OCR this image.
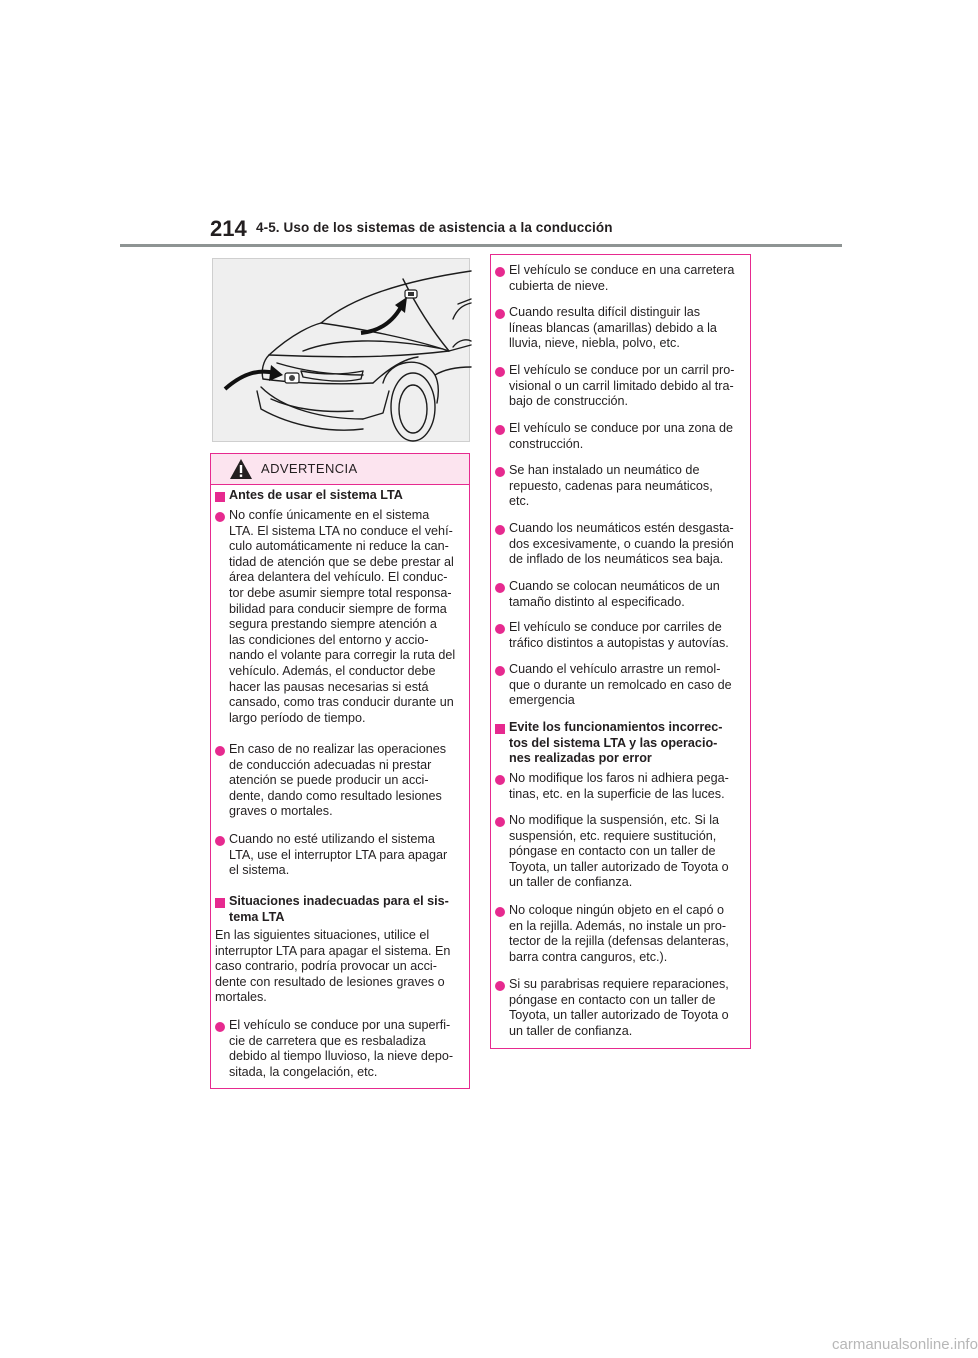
214 4-5. Uso de los sistemas de asistencia a la conducción
ADVERTENCIA
Antes de usar el sistema LTA
No confíe únicamente en el sistema
LTA. El sistema LTA no conduce el vehí-
culo automáticamente ni reduce la can-
tidad de atención que se debe prestar al
área delantera del vehículo. El conduc-
tor debe asumir siempre total responsa-
bilidad para conducir siempre de forma
segura prestando siempre atención a
las condiciones del entorno y accio-
nando el volante para corregir la ruta del
vehículo. Además, el conductor debe
hacer las pausas necesarias si está
cansado, como tras conducir durante un
largo período de tiempo.
En caso de no realizar las operaciones
de conducción adecuadas ni prestar
atención se puede producir un acci-
dente, dando como resultado lesiones
graves o mortales.
Cuando no esté utilizando el sistema
LTA, use el interruptor LTA para apagar
el sistema.
Situaciones inadecuadas para el sis-
tema LTA
En las siguientes situaciones, utilice el
interruptor LTA para apagar el sistema. En
caso contrario, podría provocar un acci-
dente con resultado de lesiones graves o
mortales.
El vehículo se conduce por una superfi-
cie de carretera que es resbaladiza
debido al tiempo lluvioso, la nieve depo-
sitada, la congelación, etc.
El vehículo se conduce en una carretera
cubierta de nieve.
Cuando resulta difícil distinguir las
líneas blancas (amarillas) debido a la
lluvia, nieve, niebla, polvo, etc.
El vehículo se conduce por un carril pro-
visional o un carril limitado debido al tra-
bajo de construcción.
El vehículo se conduce por una zona de
construcción.
Se han instalado un neumático de
repuesto, cadenas para neumáticos,
etc.
Cuando los neumáticos estén desgasta-
dos excesivamente, o cuando la presión
de inflado de los neumáticos sea baja.
Cuando se colocan neumáticos de un
tamaño distinto al especificado.
El vehículo se conduce por carriles de
tráfico distintos a autopistas y autovías.
Cuando el vehículo arrastre un remol-
que o durante un remolcado en caso de
emergencia
Evite los funcionamientos incorrec-
tos del sistema LTA y las operacio-
nes realizadas por error
No modifique los faros ni adhiera pega-
tinas, etc. en la superficie de las luces.
No modifique la suspensión, etc. Si la
suspensión, etc. requiere sustitución,
póngase en contacto con un taller de
Toyota, un taller autorizado de Toyota o
un taller de confianza.
No coloque ningún objeto en el capó o
en la rejilla. Además, no instale un pro-
tector de la rejilla (defensas delanteras,
barra contra canguros, etc.).
Si su parabrisas requiere reparaciones,
póngase en contacto con un taller de
Toyota, un taller autorizado de Toyota o
un taller de confianza.
carmanualsonline.info
